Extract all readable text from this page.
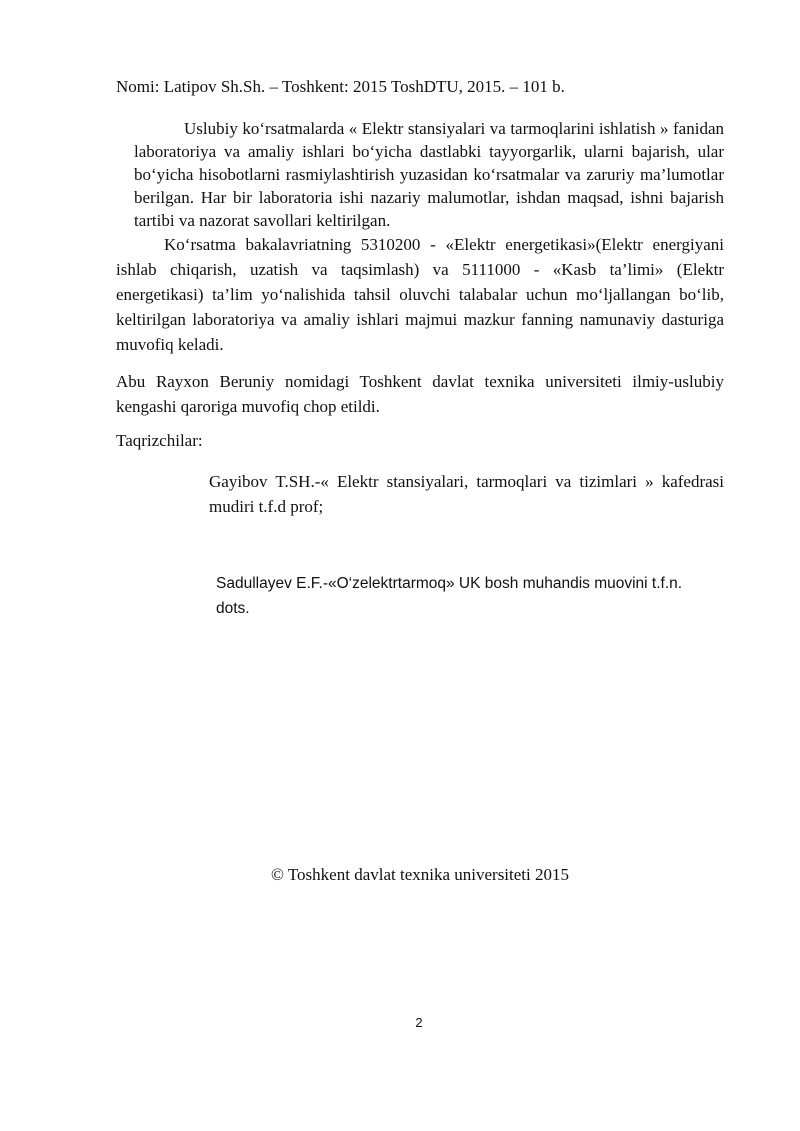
Nomi: Latipov Sh.Sh. – Toshkent: 2015 ToshDTU, 2015. – 101 b.

Uslubiy ko‘rsatmalarda « Elektr stansiyalari va tarmoqlarini ishlatish » fanidan laboratoriya va amaliy ishlari bo‘yicha dastlabki tayyorgarlik, ularni bajarish, ular bo‘yicha hisobotlarni rasmiylashtirish yuzasidan ko‘rsatmalar va zaruriy ma’lumotlar berilgan. Har bir laboratoria ishi nazariy malumotlar, ishdan maqsad, ishni bajarish tartibi va nazorat savollari keltirilgan.

Ko‘rsatma bakalavriatning 5310200 - «Elektr energetikasi»(Elektr energiyani ishlab chiqarish, uzatish va taqsimlash) va 5111000 - «Kasb ta’limi» (Elektr energetikasi) ta’lim yo‘nalishida tahsil oluvchi talabalar uchun mo‘ljallangan bo‘lib, keltirilgan laboratoriya va amaliy ishlari majmui mazkur fanning namunaviy dasturiga muvofiq keladi.

Abu Rayxon Beruniy nomidagi Toshkent davlat texnika universiteti ilmiy-uslubiy kengashi qaroriga muvofiq chop etildi.

Taqrizchilar:

Gayibov T.SH.-« Elektr stansiyalari, tarmoqlari va tizimlari » kafedrasi mudiri t.f.d prof;

Sadullayev E.F.-«O‘zelektrtarmoq» UK bosh muhandis muovini t.f.n. dots.

© Toshkent davlat texnika universiteti 2015
2
